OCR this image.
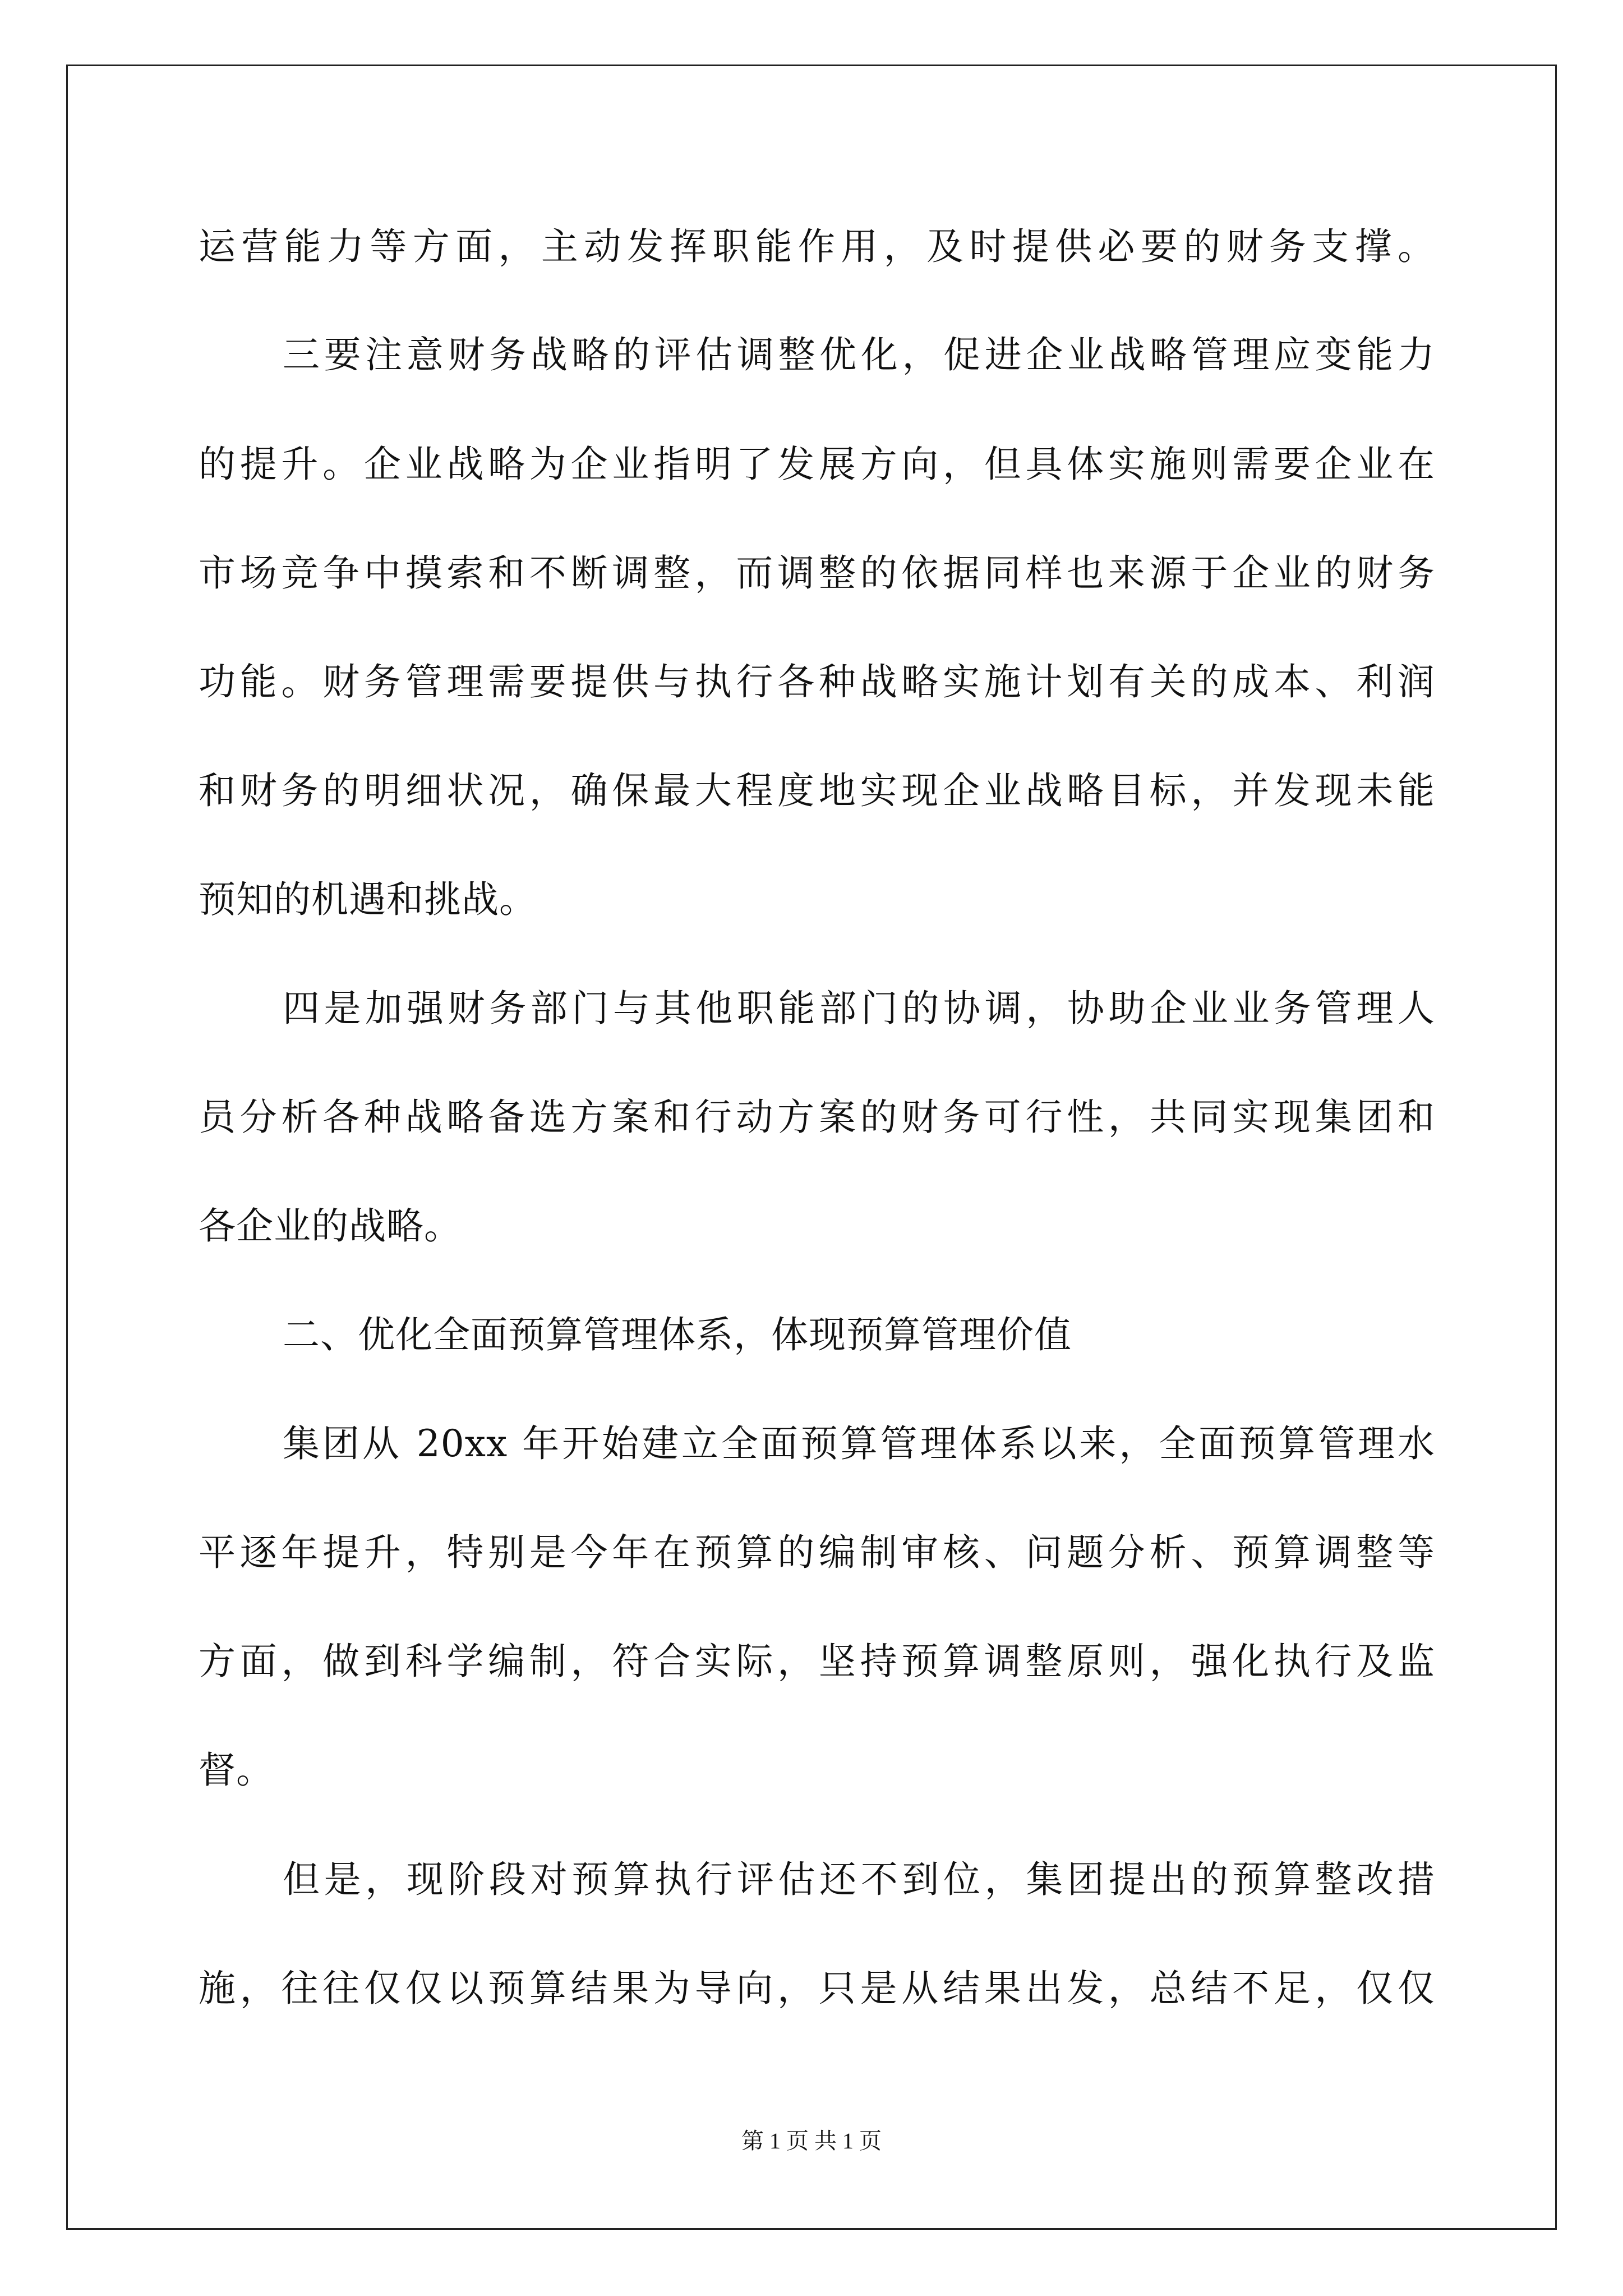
运营能力等方面，主动发挥职能作用，及时提供必要的财务支撑。
三要注意财务战略的评估调整优化，促进企业战略管理应变能力
的提升。企业战略为企业指明了发展方向，但具体实施则需要企业在
市场竞争中摸索和不断调整，而调整的依据同样也来源于企业的财务
功能。财务管理需要提供与执行各种战略实施计划有关的成本、利润
和财务的明细状况，确保最大程度地实现企业战略目标，并发现未能
预知的机遇和挑战。
四是加强财务部门与其他职能部门的协调，协助企业业务管理人
员分析各种战略备选方案和行动方案的财务可行性，共同实现集团和
各企业的战略。
二、优化全面预算管理体系，体现预算管理价值
集团从 20xx 年开始建立全面预算管理体系以来，全面预算管理水
平逐年提升，特别是今年在预算的编制审核、问题分析、预算调整等
方面，做到科学编制，符合实际，坚持预算调整原则，强化执行及监
督。
但是，现阶段对预算执行评估还不到位，集团提出的预算整改措
施，往往仅仅以预算结果为导向，只是从结果出发，总结不足，仅仅
第 1 页 共 1 页
